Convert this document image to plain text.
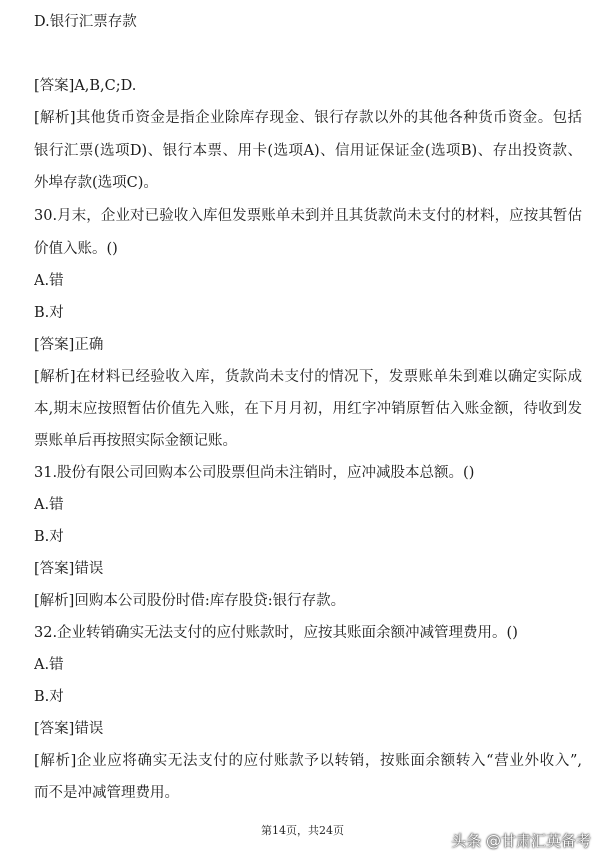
D.银行汇票存款
[答案]A,B,C;D.
[解析]其他货币资金是指企业除库存现金、银行存款以外的其他各种货币资金。包括
银行汇票(选项D)、银行本票、用卡(选项A)、信用证保证金(选项B)、存出投资款、
外埠存款(选项C)。
30.月末，企业对已验收入库但发票账单未到并且其货款尚未支付的材料，应按其暂估
价值入账。()
A.错
B.对
[答案]正确
[解析]在材料已经验收入库，货款尚未支付的情况下，发票账单朱到难以确定实际成
本,期末应按照暂估价值先入账，在下月月初，用红字冲销原暂估入账金额，待收到发
票账单后再按照实际金额记账。
31.股份有限公司回购本公司股票但尚未注销时，应冲减股本总额。()
A.错
B.对
[答案]错误
[解析]回购本公司股份时借:库存股贷:银行存款。
32.企业转销确实无法支付的应付账款时，应按其账面余额冲减管理费用。()
A.错
B.对
[答案]错误
[解析]企业应将确实无法支付的应付账款予以转销，按账面余额转入“营业外收入”,
而不是冲减管理费用。
第14页，共24页
头条 @甘肃汇英备考
